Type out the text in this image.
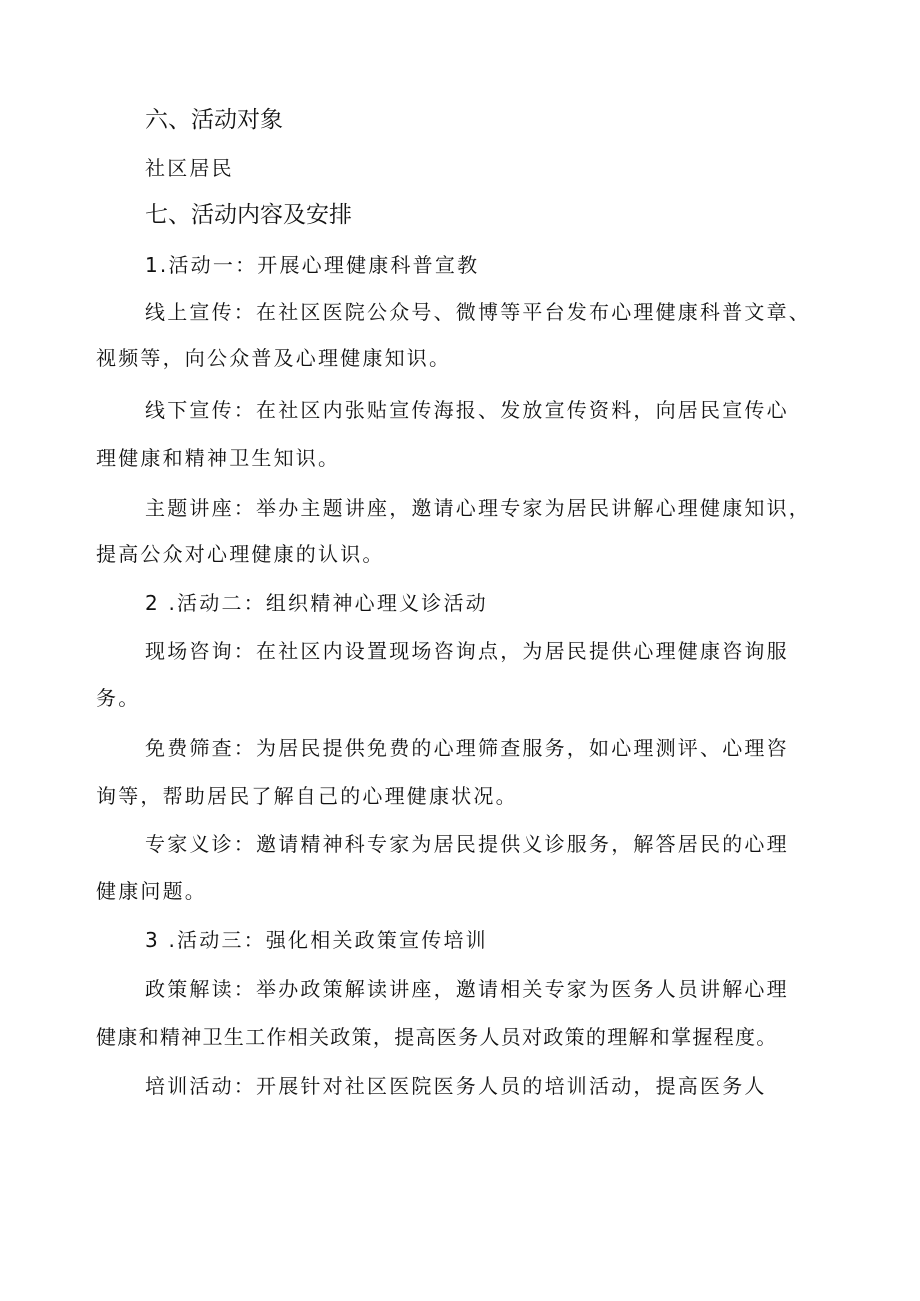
六、活动对象

社区居民

七、活动内容及安排

1.活动一：开展心理健康科普宣教

线上宣传：在社区医院公众号、微博等平台发布心理健康科普文章、

视频等，向公众普及心理健康知识。

线下宣传：在社区内张贴宣传海报、发放宣传资料，向居民宣传心

理健康和精神卫生知识。

主题讲座：举办主题讲座，邀请心理专家为居民讲解心理健康知识，

提高公众对心理健康的认识。

2 .活动二：组织精神心理义诊活动

现场咨询：在社区内设置现场咨询点，为居民提供心理健康咨询服

务。

免费筛查：为居民提供免费的心理筛查服务，如心理测评、心理咨

询等，帮助居民了解自己的心理健康状况。

专家义诊：邀请精神科专家为居民提供义诊服务，解答居民的心理

健康问题。

3 .活动三：强化相关政策宣传培训

政策解读：举办政策解读讲座，邀请相关专家为医务人员讲解心理

健康和精神卫生工作相关政策，提高医务人员对政策的理解和掌握程度。

培训活动：开展针对社区医院医务人员的培训活动，提高医务人
